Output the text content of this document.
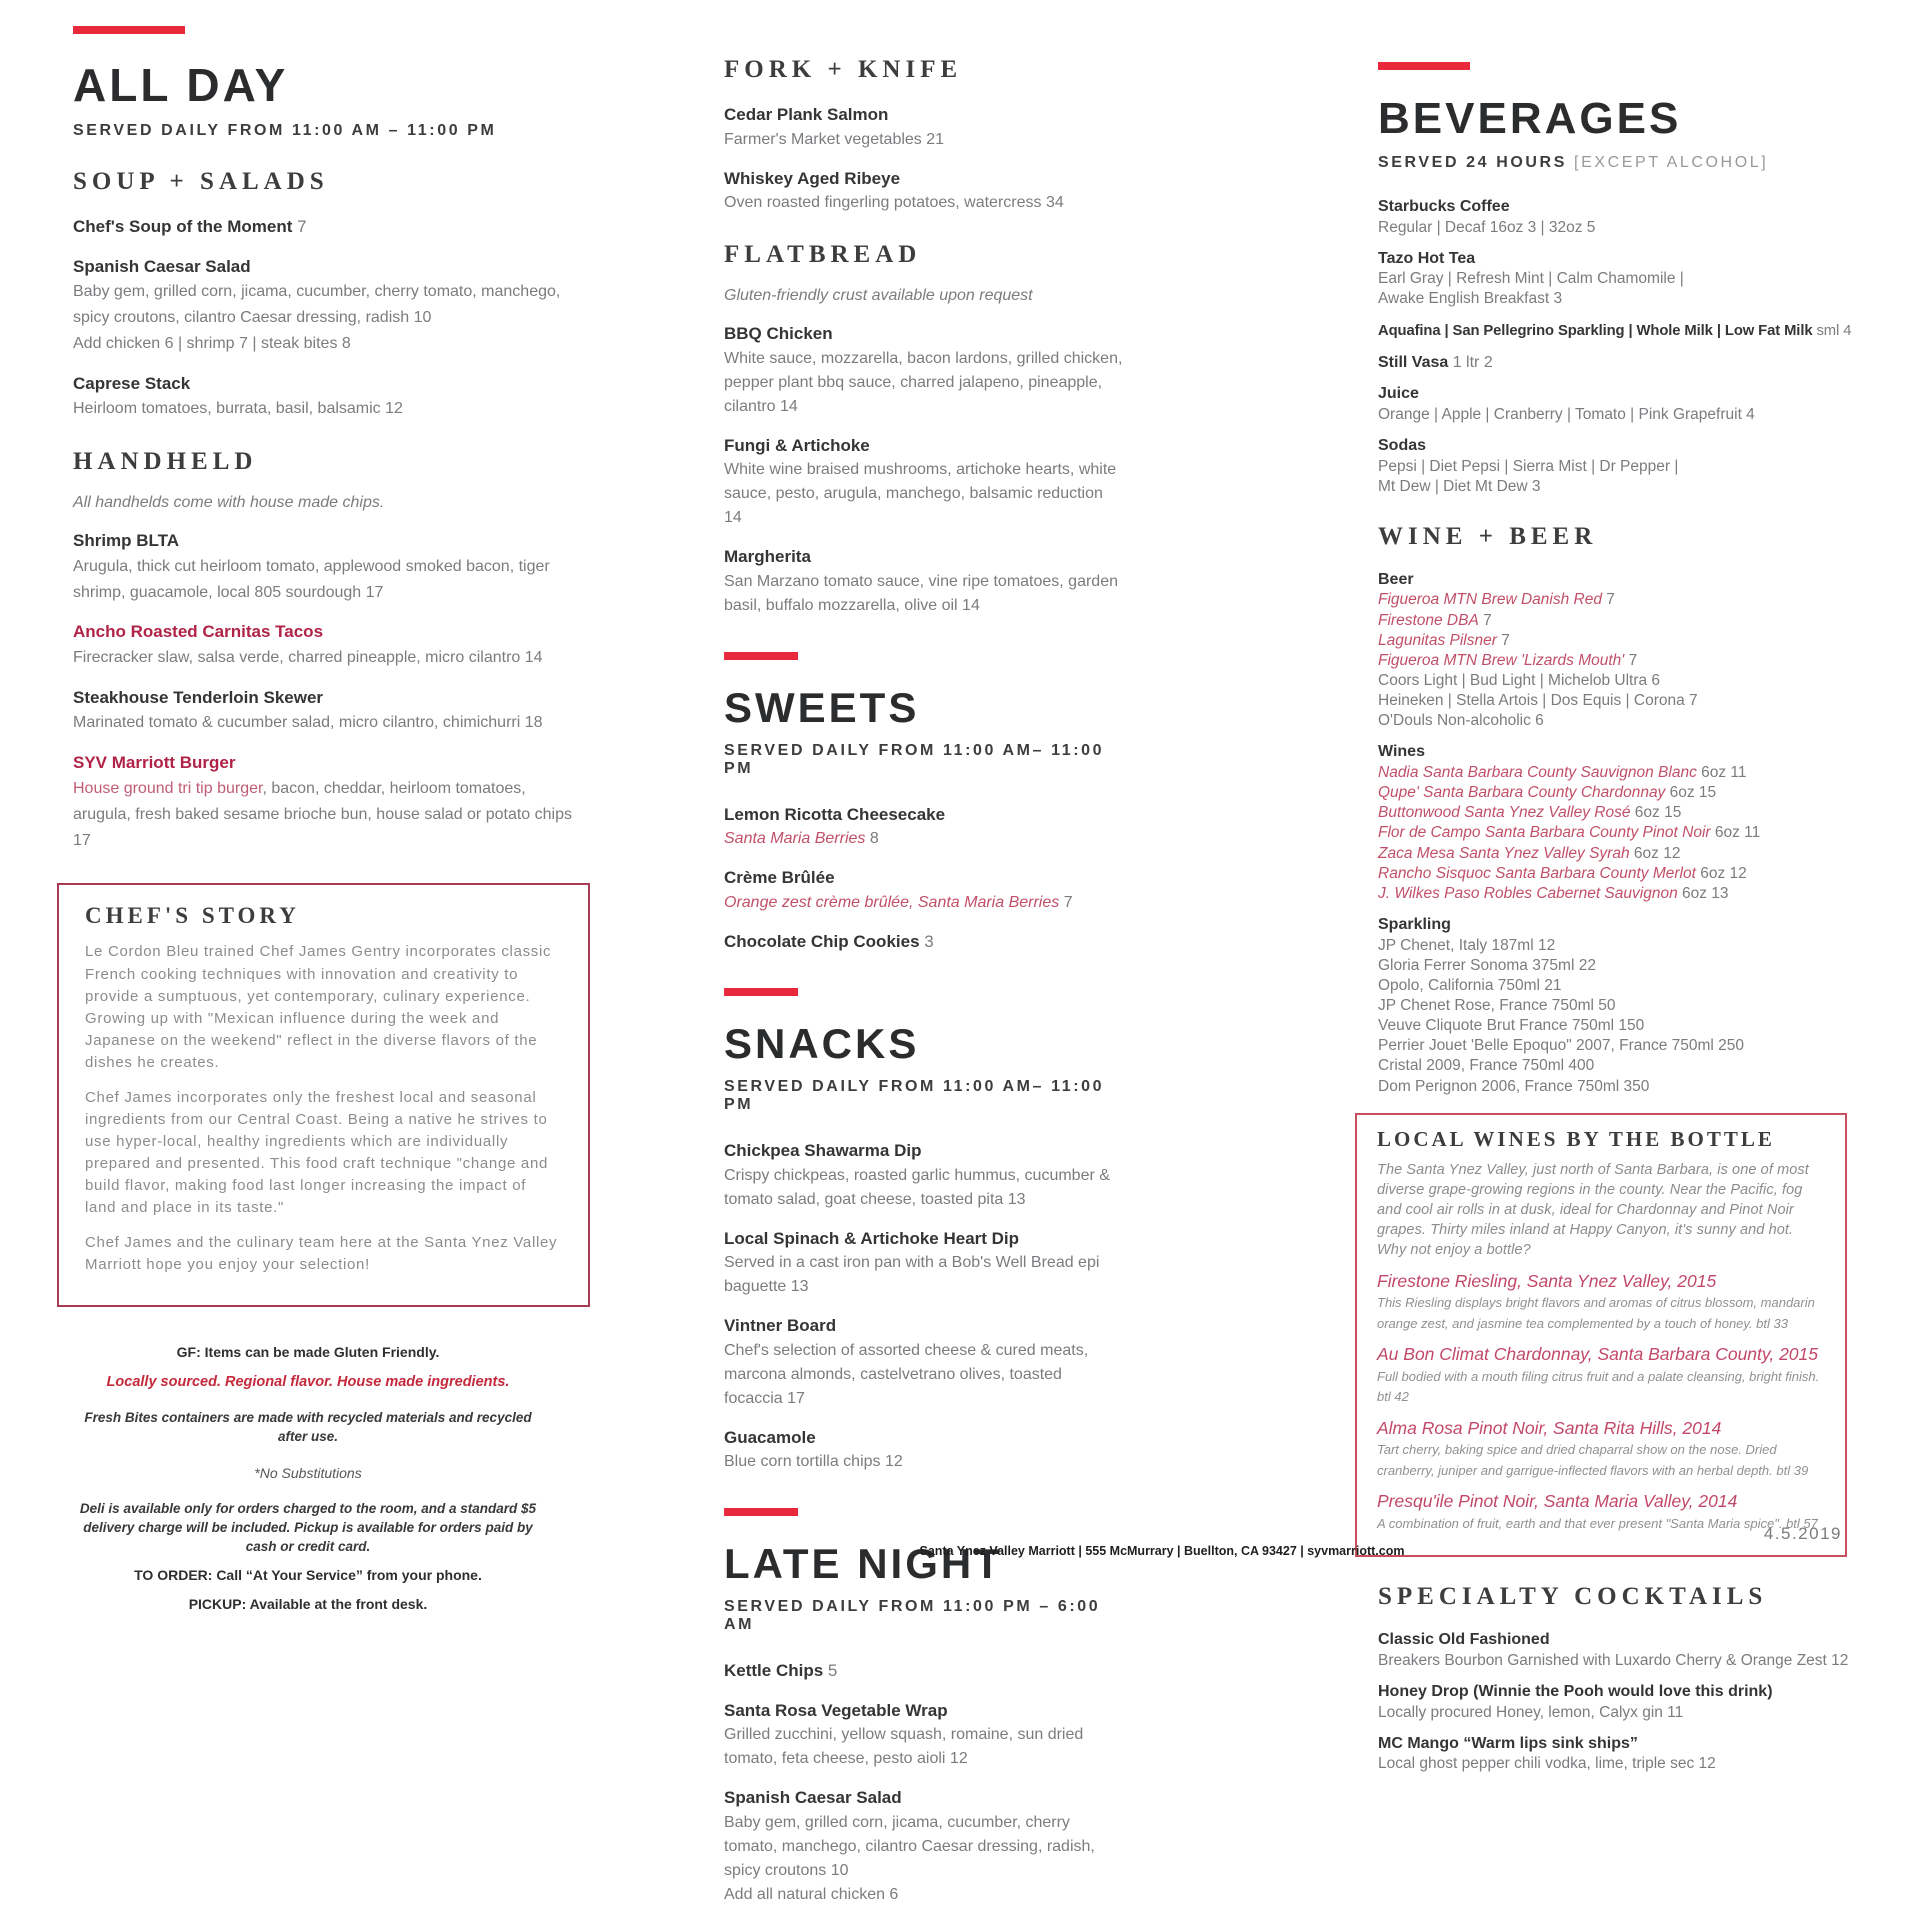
ALL DAY
SERVED DAILY FROM 11:00 AM – 11:00 PM
SOUP + SALADS

Chef's Soup of the Moment 7

Spanish Caesar Salad

Baby gem, grilled corn, jicama, cucumber, cherry tomato, manchego, spicy croutons, cilantro Caesar dressing, radish 10

Add chicken 6 | shrimp 7 | steak bites 8

Caprese Stack

Heirloom tomatoes, burrata, basil, balsamic 12

HANDHELD
All handhelds come with house made chips.

Shrimp BLTA

Arugula, thick cut heirloom tomato, applewood smoked bacon, tiger shrimp, guacamole, local 805 sourdough 17

Ancho Roasted Carnitas Tacos

Firecracker slaw, salsa verde, charred pineapple, micro cilantro 14

Steakhouse Tenderloin Skewer

Marinated tomato & cucumber salad, micro cilantro, chimichurri 18

SYV Marriott Burger

House ground tri tip burger, bacon, cheddar, heirloom tomatoes, arugula, fresh baked sesame brioche bun, house salad or potato chips 17

CHEF'S STORY
Le Cordon Bleu trained Chef James Gentry incorporates classic French cooking techniques with innovation and creativity to provide a sumptuous, yet contemporary, culinary experience. Growing up with "Mexican influence during the week and Japanese on the weekend" reflect in the diverse flavors of the dishes he creates.
Chef James incorporates only the freshest local and seasonal ingredients from our Central Coast. Being a native he strives to use hyper-local, healthy ingredients which are individually prepared and presented. This food craft technique "change and build flavor, making food last longer increasing the impact of land and place in its taste."
Chef James and the culinary team here at the Santa Ynez Valley Marriott hope you enjoy your selection!

GF: Items can be made Gluten Friendly.

Locally sourced. Regional flavor. House made ingredients.

Fresh Bites containers are made with recycled materials and recycled after use.

*No Substitutions

Deli is available only for orders charged to the room, and a standard $5 delivery charge will be included. Pickup is available for orders paid by cash or credit card.

TO ORDER: Call “At Your Service” from your phone.

PICKUP: Available at the front desk.

FORK + KNIFE

Cedar Plank Salmon

Farmer's Market vegetables 21

Whiskey Aged Ribeye

Oven roasted fingerling potatoes, watercress 34

FLATBREAD
Gluten-friendly crust available upon request

BBQ Chicken

White sauce, mozzarella, bacon lardons, grilled chicken, pepper plant bbq sauce, charred jalapeno, pineapple, cilantro 14

Fungi & Artichoke

White wine braised mushrooms, artichoke hearts, white sauce, pesto, arugula, manchego, balsamic reduction 14

Margherita

San Marzano tomato sauce, vine ripe tomatoes, garden basil, buffalo mozzarella, olive oil 14

SWEETS
SERVED DAILY FROM 11:00 AM– 11:00 PM

Lemon Ricotta Cheesecake

Santa Maria Berries 8

Crème Brûlée

Orange zest crème brûlée, Santa Maria Berries 7

Chocolate Chip Cookies 3

SNACKS
SERVED DAILY FROM 11:00 AM– 11:00 PM

Chickpea Shawarma Dip

Crispy chickpeas, roasted garlic hummus, cucumber & tomato salad, goat cheese, toasted pita 13

Local Spinach & Artichoke Heart Dip

Served in a cast iron pan with a Bob's Well Bread epi baguette 13

Vintner Board

Chef's selection of assorted cheese & cured meats, marcona almonds, castelvetrano olives, toasted focaccia 17

Guacamole

Blue corn tortilla chips 12

LATE NIGHT
SERVED DAILY FROM 11:00 PM – 6:00 AM

Kettle Chips 5

Santa Rosa Vegetable Wrap

Grilled zucchini, yellow squash, romaine, sun dried tomato, feta cheese, pesto aioli 12

Spanish Caesar Salad

Baby gem, grilled corn, jicama, cucumber, cherry tomato, manchego, cilantro Caesar dressing, radish, spicy croutons 10

Add all natural chicken 6

BEVERAGES
SERVED 24 HOURS [EXCEPT ALCOHOL]

Starbucks Coffee

Regular | Decaf 16oz 3 | 32oz 5

Tazo Hot Tea

Earl Gray | Refresh Mint | Calm Chamomile |

Awake English Breakfast 3

Aquafina | San Pellegrino Sparkling | Whole Milk | Low Fat Milk sml 4

Still Vasa 1 ltr 2

Juice

Orange | Apple | Cranberry | Tomato | Pink Grapefruit 4

Sodas

Pepsi | Diet Pepsi | Sierra Mist | Dr Pepper |

Mt Dew | Diet Mt Dew 3

WINE + BEER

Beer

Figueroa MTN Brew Danish Red 7

Firestone DBA 7

Lagunitas Pilsner 7

Figueroa MTN Brew 'Lizards Mouth' 7

Coors Light | Bud Light | Michelob Ultra 6

Heineken | Stella Artois | Dos Equis | Corona 7

O'Douls Non-alcoholic 6

Wines

Nadia Santa Barbara County Sauvignon Blanc 6oz 11

Qupe' Santa Barbara County Chardonnay 6oz 15

Buttonwood Santa Ynez Valley Rosé 6oz 15

Flor de Campo Santa Barbara County Pinot Noir 6oz 11

Zaca Mesa Santa Ynez Valley Syrah 6oz 12

Rancho Sisquoc Santa Barbara County Merlot 6oz 12

J. Wilkes Paso Robles Cabernet Sauvignon 6oz 13

Sparkling

JP Chenet, Italy 187ml 12

Gloria Ferrer Sonoma 375ml 22

Opolo, California 750ml 21

JP Chenet Rose, France 750ml 50

Veuve Cliquote Brut France 750ml 150

Perrier Jouet 'Belle Epoquo" 2007, France 750ml 250

Cristal 2009, France 750ml 400

Dom Perignon 2006, France 750ml 350

LOCAL WINES BY THE BOTTLE
The Santa Ynez Valley, just north of Santa Barbara, is one of most diverse grape-growing regions in the county. Near the Pacific, fog and cool air rolls in at dusk, ideal for Chardonnay and Pinot Noir grapes. Thirty miles inland at Happy Canyon, it's sunny and hot. Why not enjoy a bottle?

Firestone Riesling, Santa Ynez Valley, 2015

This Riesling displays bright flavors and aromas of citrus blossom, mandarin orange zest, and jasmine tea complemented by a touch of honey. btl 33

Au Bon Climat Chardonnay, Santa Barbara County, 2015

Full bodied with a mouth filing citrus fruit and a palate cleansing, bright finish. btl 42

Alma Rosa Pinot Noir, Santa Rita Hills, 2014

Tart cherry, baking spice and dried chaparral show on the nose. Dried cranberry, juniper and garrigue-inflected flavors with an herbal depth. btl 39

Presqu'ile Pinot Noir, Santa Maria Valley, 2014

A combination of fruit, earth and that ever present "Santa Maria spice". btl 57

SPECIALTY COCKTAILS

Classic Old Fashioned

Breakers Bourbon Garnished with Luxardo Cherry & Orange Zest 12

Honey Drop (Winnie the Pooh would love this drink)

Locally procured Honey, lemon, Calyx gin 11

MC Mango “Warm lips sink ships”

Local ghost pepper chili vodka, lime, triple sec 12

4.5.2019
Santa Ynez Valley Marriott | 555 McMurrary | Buellton, CA 93427 | syvmarriott.com
